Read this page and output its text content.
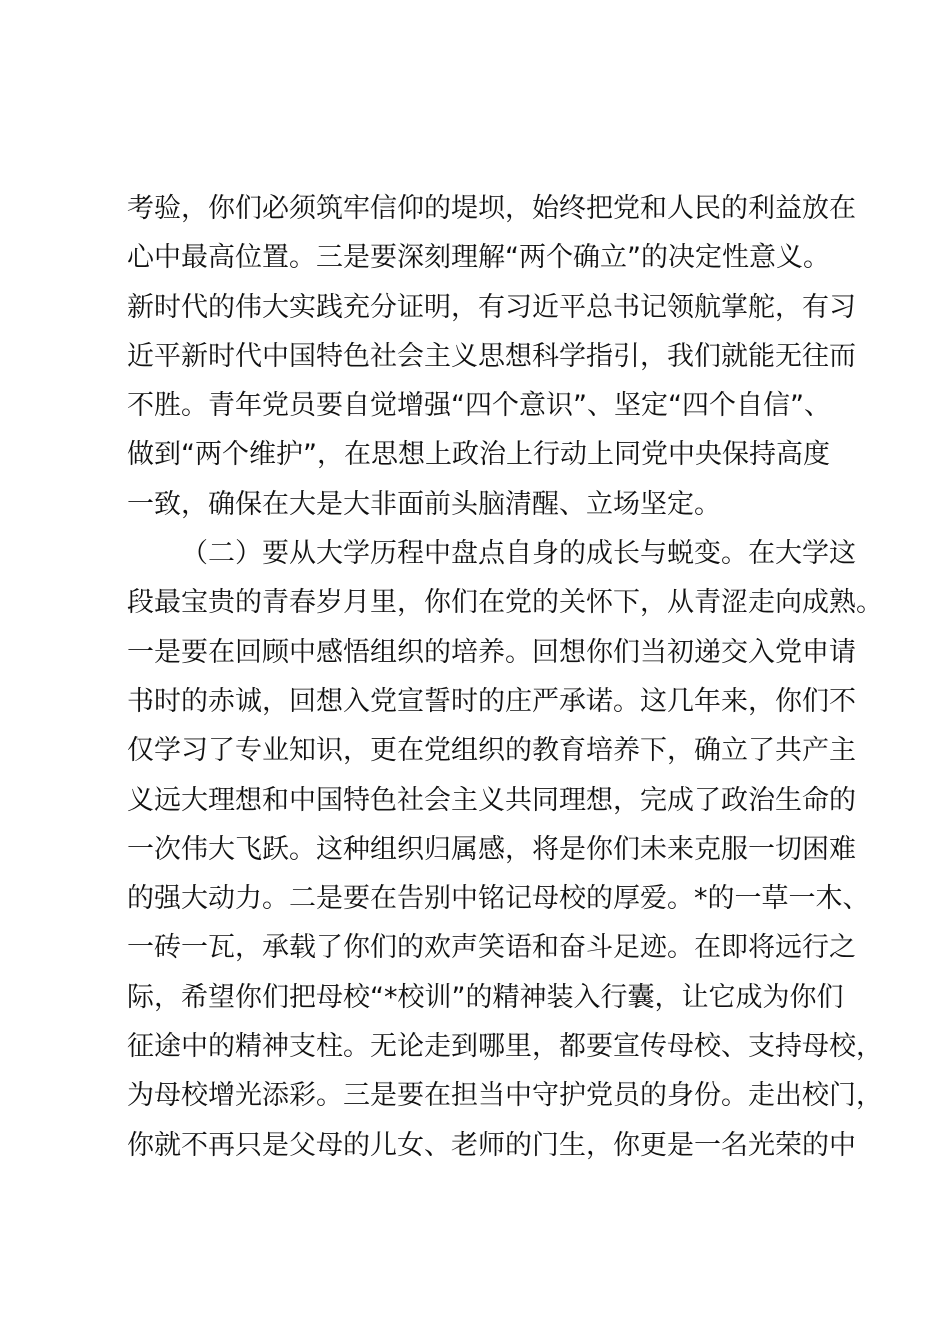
考验，你们必须筑牢信仰的堤坝，始终把党和人民的利益放在
心中最高位置。三是要深刻理解“两个确立”的决定性意义。
新时代的伟大实践充分证明，有习近平总书记领航掌舵，有习
近平新时代中国特色社会主义思想科学指引，我们就能无往而
不胜。青年党员要自觉增强“四个意识”、坚定“四个自信”、
做到“两个维护”，在思想上政治上行动上同党中央保持高度
一致，确保在大是大非面前头脑清醒、立场坚定。
（二）要从大学历程中盘点自身的成长与蜕变。在大学这
段最宝贵的青春岁月里，你们在党的关怀下，从青涩走向成熟。
一是要在回顾中感悟组织的培养。回想你们当初递交入党申请
书时的赤诚，回想入党宣誓时的庄严承诺。这几年来，你们不
仅学习了专业知识，更在党组织的教育培养下，确立了共产主
义远大理想和中国特色社会主义共同理想，完成了政治生命的
一次伟大飞跃。这种组织归属感，将是你们未来克服一切困难
的强大动力。二是要在告别中铭记母校的厚爱。*的一草一木、
一砖一瓦，承载了你们的欢声笑语和奋斗足迹。在即将远行之
际，希望你们把母校“*校训”的精神装入行囊，让它成为你们
征途中的精神支柱。无论走到哪里，都要宣传母校、支持母校，
为母校增光添彩。三是要在担当中守护党员的身份。走出校门，
你就不再只是父母的儿女、老师的门生，你更是一名光荣的中
